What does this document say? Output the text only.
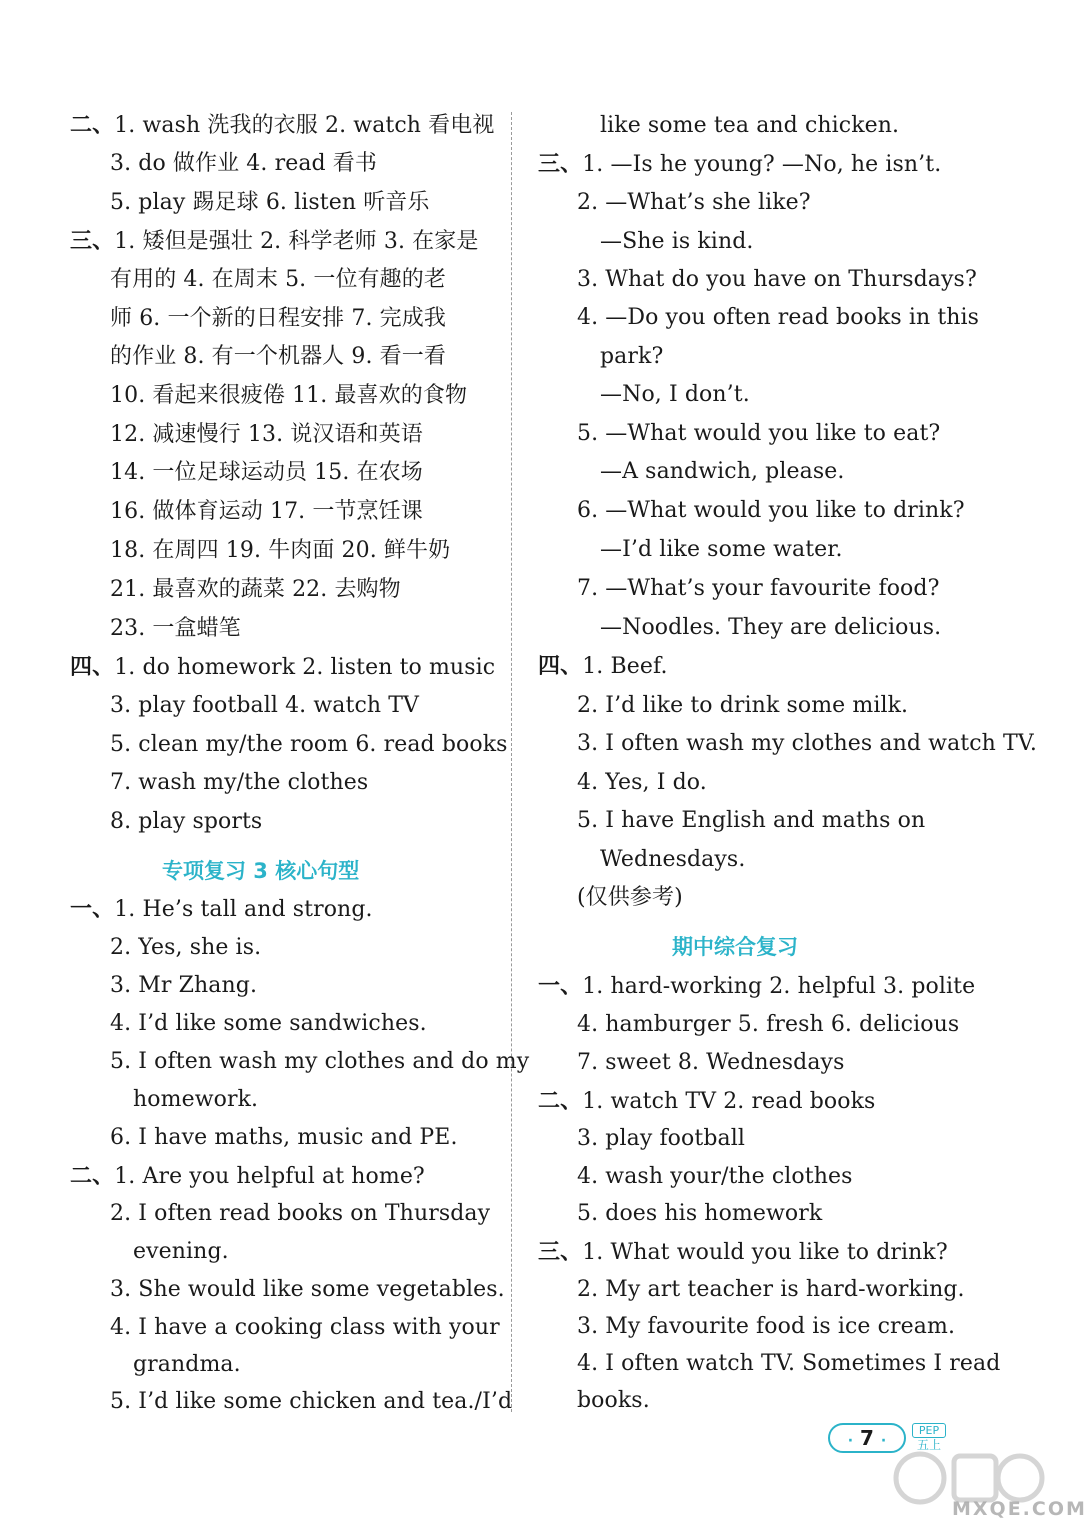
二、1. wash 洗我的衣服 2. watch 看电视
3. do 做作业 4. read 看书
5. play 踢足球 6. listen 听音乐
三、1. 矮但是强壮 2. 科学老师 3. 在家是
有用的 4. 在周末 5. 一位有趣的老
师 6. 一个新的日程安排 7. 完成我
的作业 8. 有一个机器人 9. 看一看
10. 看起来很疲倦 11. 最喜欢的食物
12. 减速慢行 13. 说汉语和英语
14. 一位足球运动员 15. 在农场
16. 做体育运动 17. 一节烹饪课
18. 在周四 19. 牛肉面 20. 鲜牛奶
21. 最喜欢的蔬菜 22. 去购物
23. 一盒蜡笔
四、1. do homework 2. listen to music
3. play football 4. watch TV
5. clean my/the room 6. read books
7. wash my/the clothes
8. play sports
专项复习 3 核心句型
一、1. He’s tall and strong.
2. Yes, she is.
3. Mr Zhang.
4. I’d like some sandwiches.
5. I often wash my clothes and do my
homework.
6. I have maths, music and PE.
二、1. Are you helpful at home?
2. I often read books on Thursday
evening.
3. She would like some vegetables.
4. I have a cooking class with your
grandma.
5. I’d like some chicken and tea./I’d
like some tea and chicken.
三、1. —Is he young? —No, he isn’t.
2. —What’s she like?
—She is kind.
3. What do you have on Thursdays?
4. —Do you often read books in this
park?
—No, I don’t.
5. —What would you like to eat?
—A sandwich, please.
6. —What would you like to drink?
—I’d like some water.
7. —What’s your favourite food?
—Noodles. They are delicious.
四、1. Beef.
2. I’d like to drink some milk.
3. I often wash my clothes and watch TV.
4. Yes, I do.
5. I have English and maths on
Wednesdays.
(仅供参考)
期中综合复习
一、1. hard-working 2. helpful 3. polite
4. hamburger 5. fresh 6. delicious
7. sweet 8. Wednesdays
二、1. watch TV 2. read books
3. play football
4. wash your/the clothes
5. does his homework
三、1. What would you like to drink?
2. My art teacher is hard-working.
3. My favourite food is ice cream.
4. I often watch TV. Sometimes I read
books.
· 7 ·
PEP
五上
MXQE.COM
